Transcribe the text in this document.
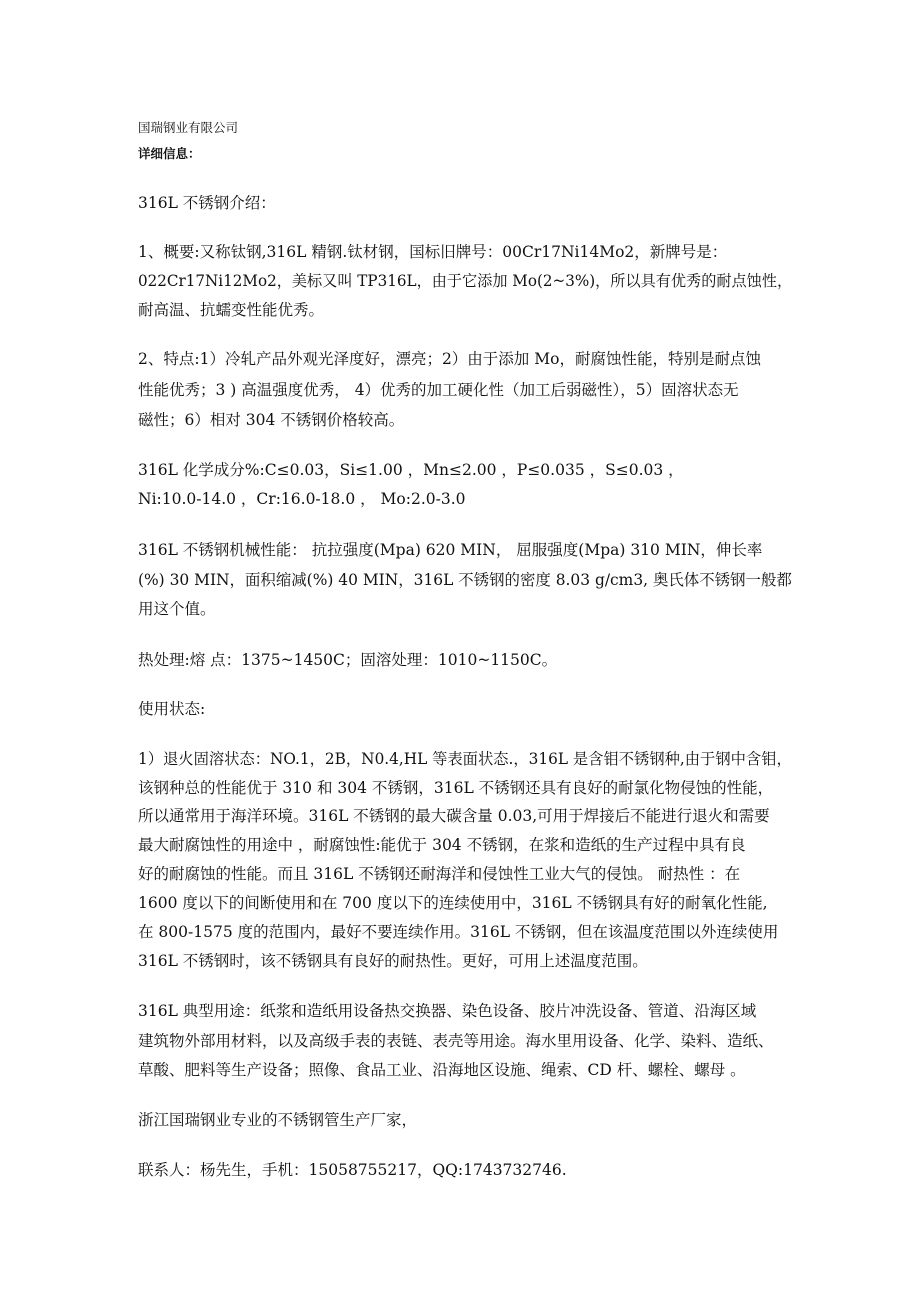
国瑞钢业有限公司
详细信息：
316L 不锈钢介绍：
1、概要:又称钛钢,316L 精钢.钛材钢，国标旧牌号：00Cr17Ni14Mo2，新牌号是：
022Cr17Ni12Mo2，美标又叫 TP316L，由于它添加 Mo(2~3%)，所以具有优秀的耐点蚀性，
耐高温、抗蠕变性能优秀。
2、特点:1）冷轧产品外观光泽度好，漂亮；2）由于添加 Mo，耐腐蚀性能，特别是耐点蚀
性能优秀；3 ) 高温强度优秀， 4）优秀的加工硬化性（加工后弱磁性），5）固溶状态无
磁性；6）相对 304 不锈钢价格较高。
316L 化学成分%:C≤0.03，Si≤1.00 ，Mn≤2.00 ，P≤0.035 ，S≤0.03 ，
Ni:10.0-14.0 ，Cr:16.0-18.0 ， Mo:2.0-3.0
316L 不锈钢机械性能： 抗拉强度(Mpa) 620 MIN， 屈服强度(Mpa) 310 MIN，伸长率
(%) 30 MIN，面积缩减(%) 40 MIN，316L 不锈钢的密度 8.03 g/cm3, 奥氏体不锈钢一般都
用这个值。
热处理:熔 点：1375~1450C；固溶处理：1010~1150C。
使用状态:
1）退火固溶状态：NO.1，2B，N0.4,HL 等表面状态.，316L 是含钼不锈钢种,由于钢中含钼，
该钢种总的性能优于 310 和 304 不锈钢，316L 不锈钢还具有良好的耐氯化物侵蚀的性能，
所以通常用于海洋环境。316L 不锈钢的最大碳含量 0.03,可用于焊接后不能进行退火和需要
最大耐腐蚀性的用途中 ，耐腐蚀性:能优于 304 不锈钢，在浆和造纸的生产过程中具有良
好的耐腐蚀的性能。而且 316L 不锈钢还耐海洋和侵蚀性工业大气的侵蚀。 耐热性 ：在
1600 度以下的间断使用和在 700 度以下的连续使用中，316L 不锈钢具有好的耐氧化性能,
在 800-1575 度的范围内，最好不要连续作用。316L 不锈钢，但在该温度范围以外连续使用
316L 不锈钢时，该不锈钢具有良好的耐热性。更好，可用上述温度范围。
316L 典型用途：纸浆和造纸用设备热交换器、染色设备、胶片冲洗设备、管道、沿海区域
建筑物外部用材料，以及高级手表的表链、表壳等用途。海水里用设备、化学、染料、造纸、
草酸、肥料等生产设备；照像、食品工业、沿海地区设施、绳索、CD 杆、螺栓、螺母 。
浙江国瑞钢业专业的不锈钢管生产厂家，
联系人：杨先生，手机：15058755217，QQ:1743732746.
